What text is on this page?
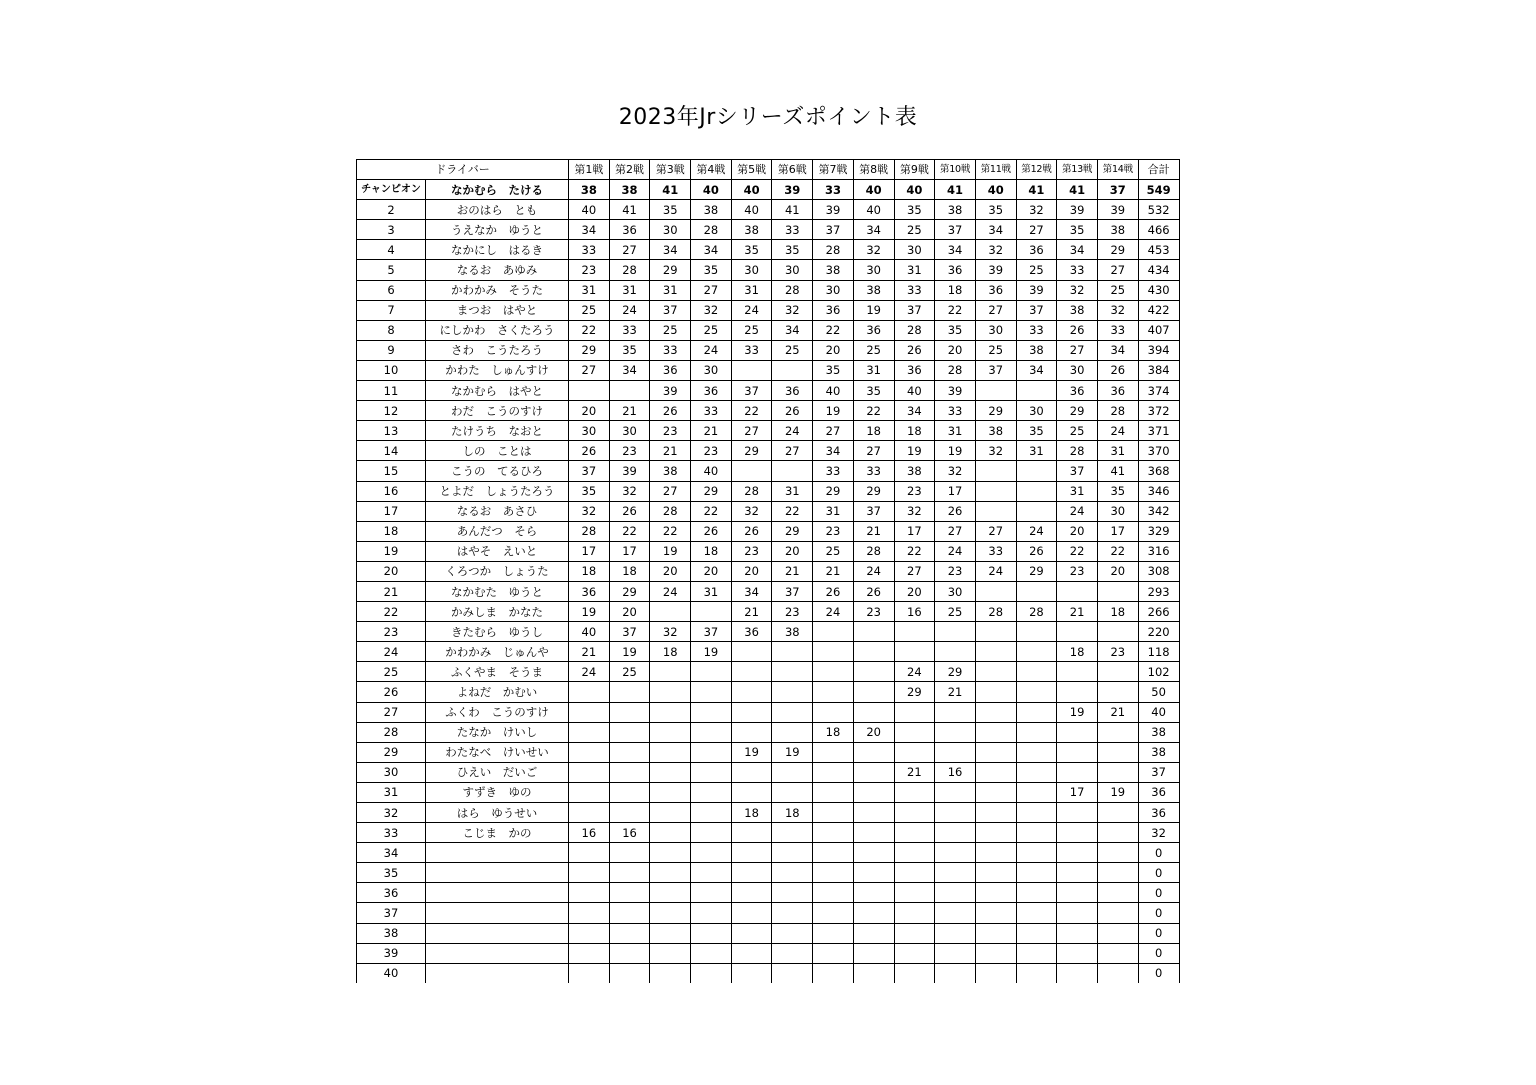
2023年Jrシリーズポイント表
ドライバー		第1戦	第2戦	第3戦	第4戦	第5戦	第6戦	第7戦	第8戦	第9戦	第10戦	第11戦	第12戦	第13戦	第14戦	合計
チャンピオン	なかむら　たける	38	38	41	40	40	39	33	40	40	41	40	41	41	37	549
2	おのはら　とも	40	41	35	38	40	41	39	40	35	38	35	32	39	39	532
3	うえなか　ゆうと	34	36	30	28	38	33	37	34	25	37	34	27	35	38	466
4	なかにし　はるき	33	27	34	34	35	35	28	32	30	34	32	36	34	29	453
5	なるお　あゆみ	23	28	29	35	30	30	38	30	31	36	39	25	33	27	434
6	かわかみ　そうた	31	31	31	27	31	28	30	38	33	18	36	39	32	25	430
7	まつお　はやと	25	24	37	32	24	32	36	19	37	22	27	37	38	32	422
8	にしかわ　さくたろう	22	33	25	25	25	34	22	36	28	35	30	33	26	33	407
9	さわ　こうたろう	29	35	33	24	33	25	20	25	26	20	25	38	27	34	394
10	かわた　しゅんすけ	27	34	36	30			35	31	36	28	37	34	30	26	384
11	なかむら　はやと			39	36	37	36	40	35	40	39			36	36	374
12	わだ　こうのすけ	20	21	26	33	22	26	19	22	34	33	29	30	29	28	372
13	たけうち　なおと	30	30	23	21	27	24	27	18	18	31	38	35	25	24	371
14	しの　ことは	26	23	21	23	29	27	34	27	19	19	32	31	28	31	370
15	こうの　てるひろ	37	39	38	40			33	33	38	32			37	41	368
16	とよだ　しょうたろう	35	32	27	29	28	31	29	29	23	17			31	35	346
17	なるお　あさひ	32	26	28	22	32	22	31	37	32	26			24	30	342
18	あんだつ　そら	28	22	22	26	26	29	23	21	17	27	27	24	20	17	329
19	はやそ　えいと	17	17	19	18	23	20	25	28	22	24	33	26	22	22	316
20	くろつか　しょうた	18	18	20	20	20	21	21	24	27	23	24	29	23	20	308
21	なかむた　ゆうと	36	29	24	31	34	37	26	26	20	30					293
22	かみしま　かなた	19	20			21	23	24	23	16	25	28	28	21	18	266
23	きたむら　ゆうし	40	37	32	37	36	38									220
24	かわかみ　じゅんや	21	19	18	19									18	23	118
25	ふくやま　そうま	24	25							24	29					102
26	よねだ　かむい									29	21					50
27	ふくわ　こうのすけ													19	21	40
28	たなか　けいし							18	20							38
29	わたなべ　けいせい					19	19									38
30	ひえい　だいご									21	16					37
31	すずき　ゆの													17	19	36
32	はら　ゆうせい					18	18									36
33	こじま　かの	16	16													32
34																0
35																0
36																0
37																0
38																0
39																0
40																0
